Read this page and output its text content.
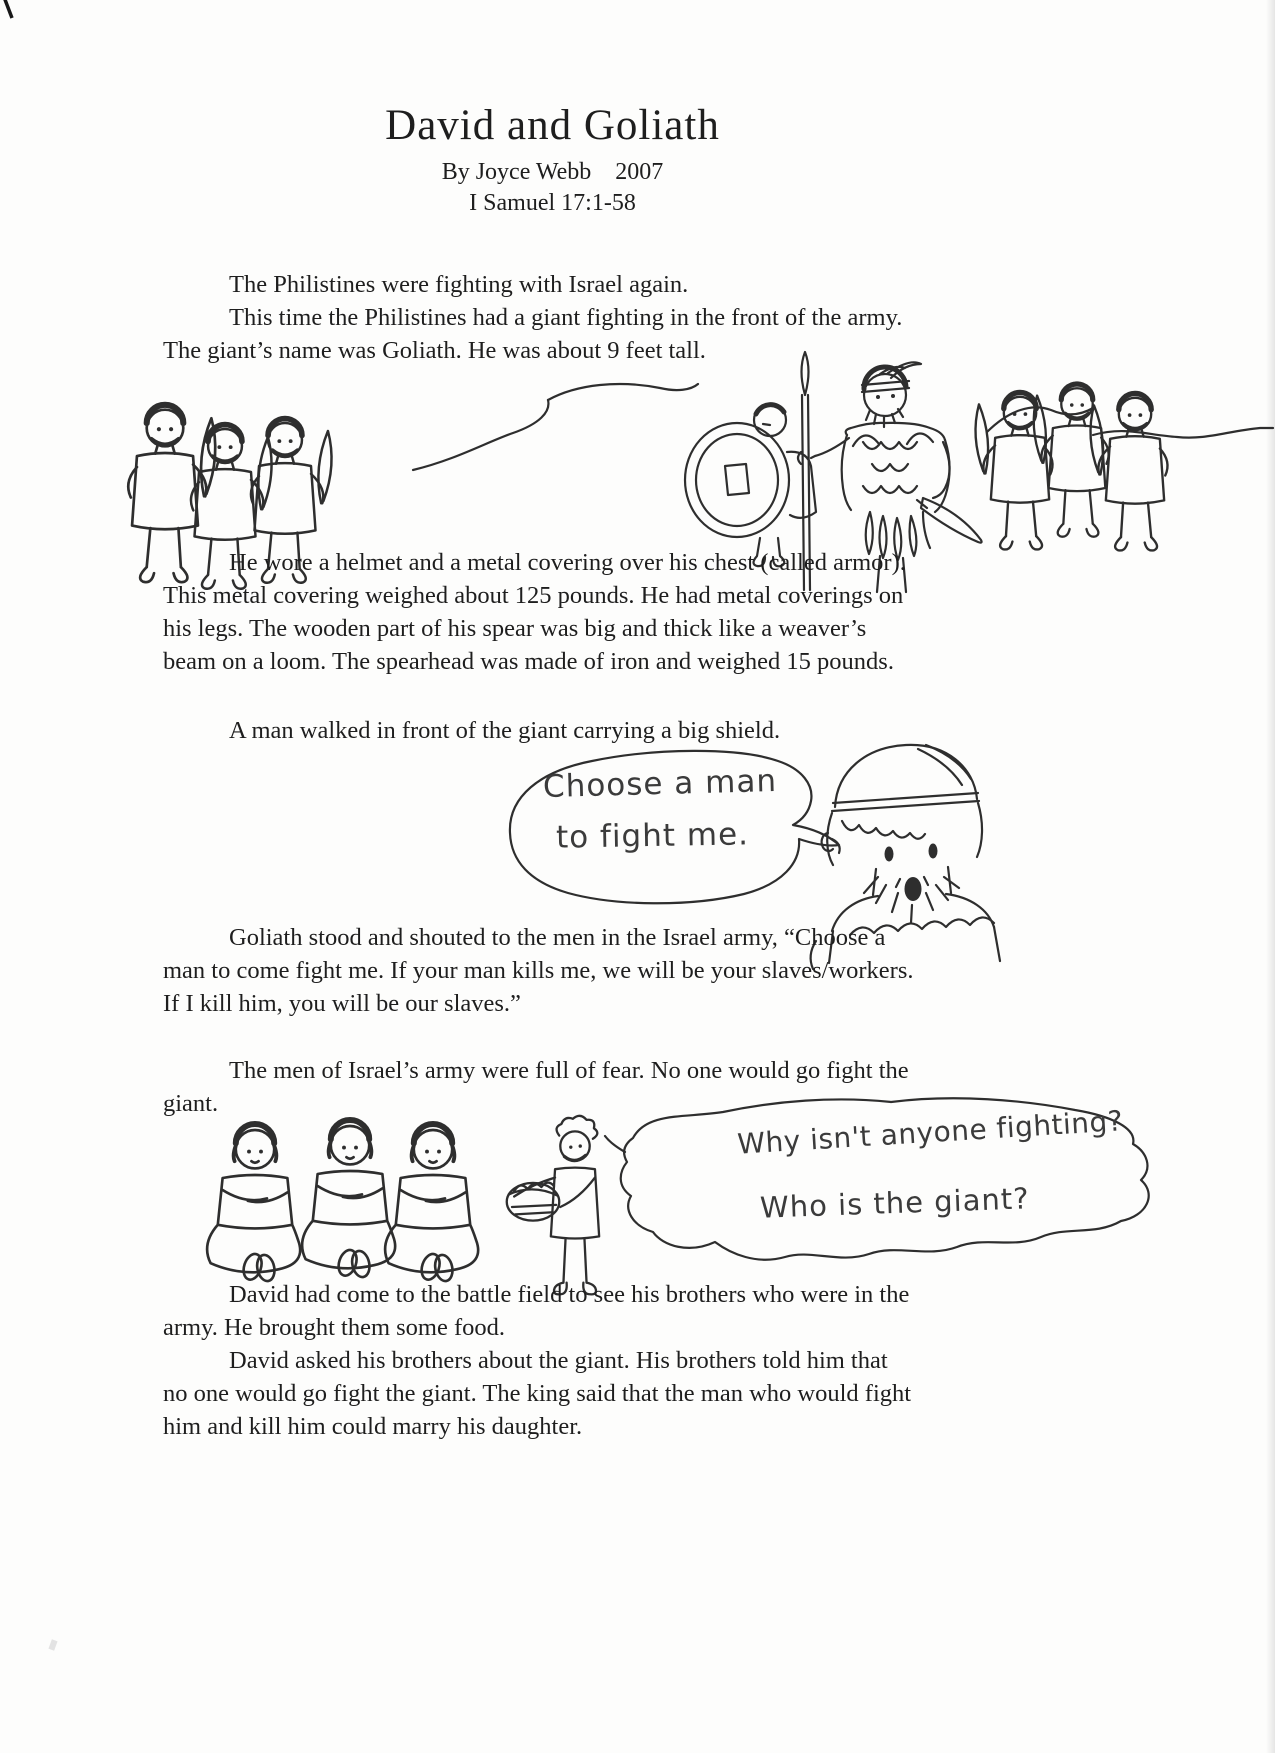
David and Goliath
By Joyce Webb    2007
I Samuel 17:1-58
The Philistines were fighting with Israel again.
This time the Philistines had a giant fighting in the front of the army.
The giant’s name was Goliath. He was about 9 feet tall.
He wore a helmet and a metal covering over his chest (called armor).
This metal covering weighed about 125 pounds. He had metal coverings on
his legs. The wooden part of his spear was big and thick like a weaver’s
beam on a loom. The spearhead was made of iron and weighed 15 pounds.
A man walked in front of the giant carrying a big shield.
Choose a man
to fight me.
Goliath stood and shouted to the men in the Israel army, “Choose a
man to come fight me. If your man kills me, we will be your slaves/workers.
If I kill him, you will be our slaves.”
The men of Israel’s army were full of fear. No one would go fight the
giant.
Why isn't anyone fighting?
Who is the giant?
David had come to the battle field to see his brothers who were in the
army. He brought them some food.
David asked his brothers about the giant. His brothers told him that
no one would go fight the giant. The king said that the man who would fight
him and kill him could marry his daughter.
